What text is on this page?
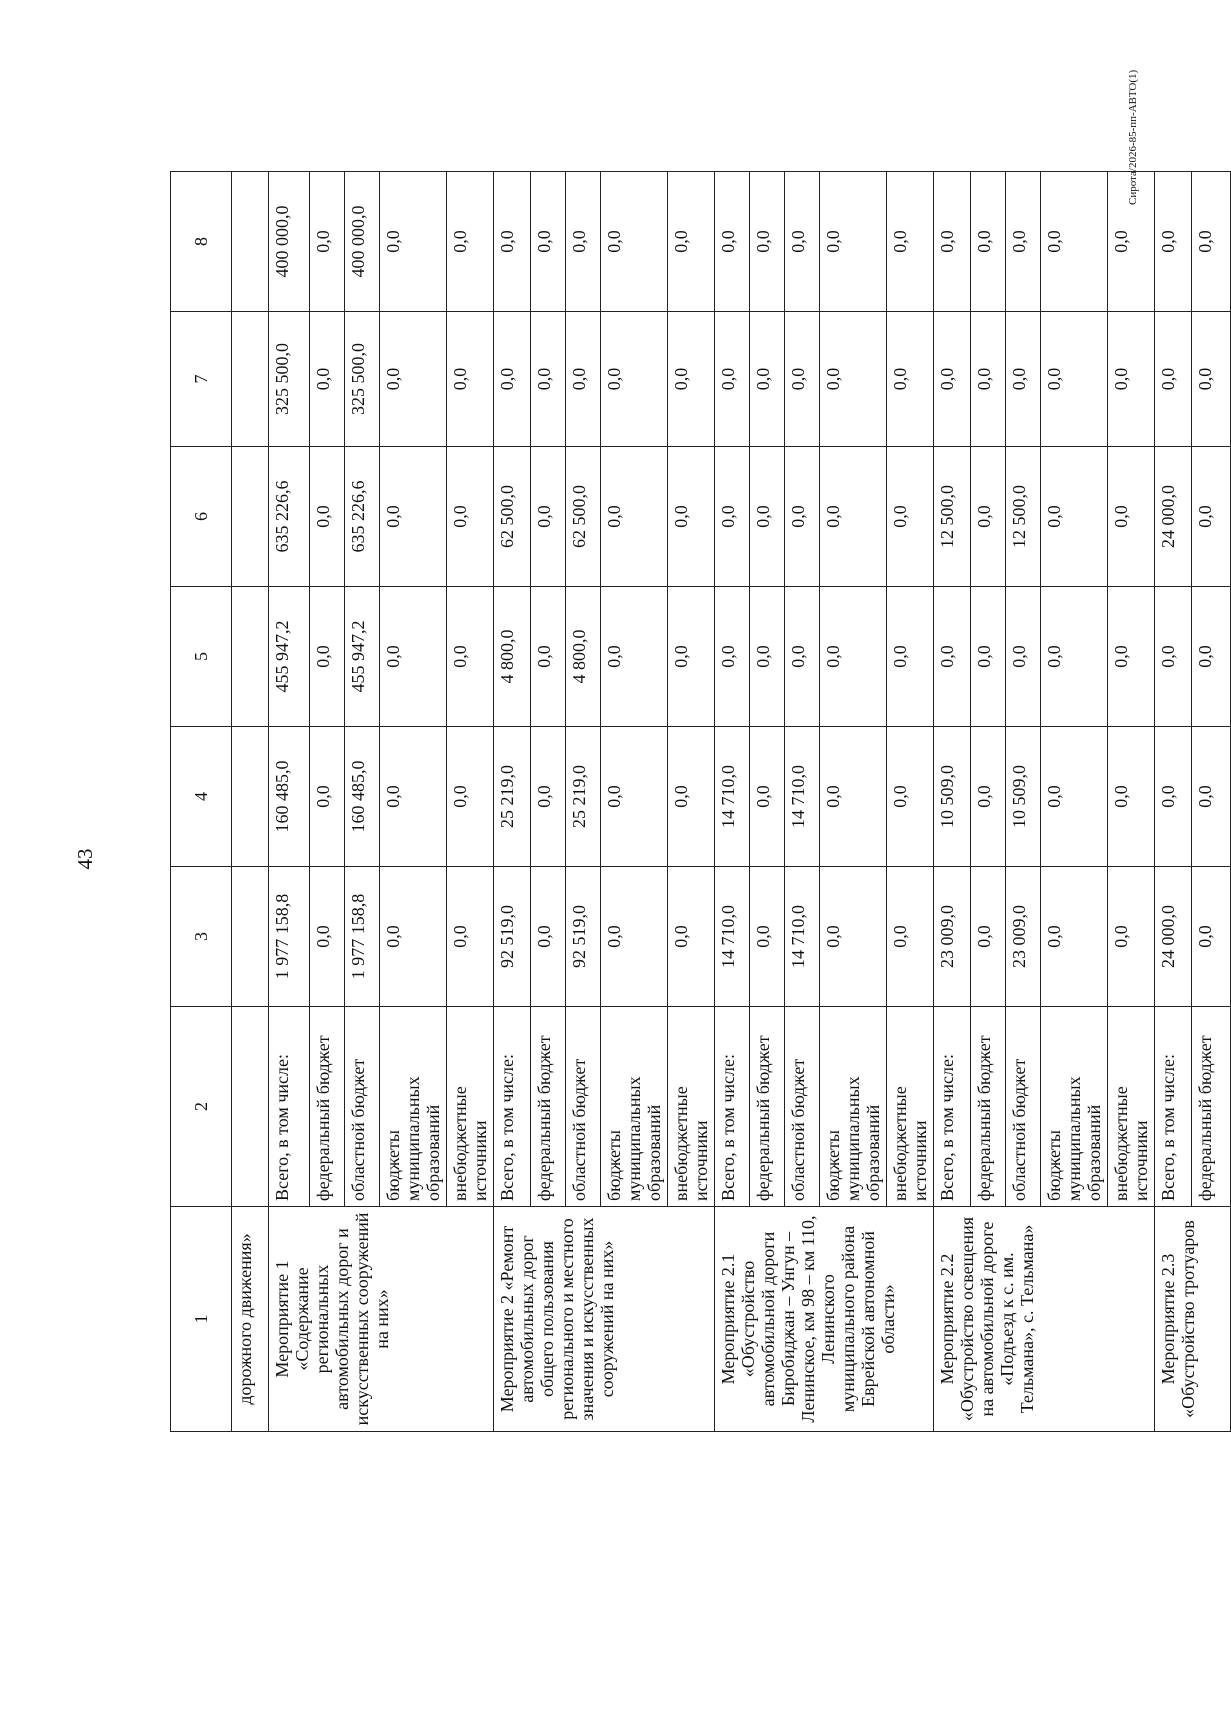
43
Сирота/2026-85-пп-АВТО(1)
1	2	3	4	5	6	7	8
дорожного движения»							
Мероприятие 1 «Содержание региональных автомобильных дорог и искусственных сооружений на них»	Всего, в том числе:	1 977 158,8	160 485,0	455 947,2	635 226,6	325 500,0	400 000,0
	федеральный бюджет	0,0	0,0	0,0	0,0	0,0	0,0
	областной бюджет	1 977 158,8	160 485,0	455 947,2	635 226,6	325 500,0	400 000,0
	бюджеты муниципальных образований	0,0	0,0	0,0	0,0	0,0	0,0
	внебюджетные источники	0,0	0,0	0,0	0,0	0,0	0,0
Мероприятие 2 «Ремонт автомобильных дорог общего пользования регионального и местного значения и искусственных сооружений на них»	Всего, в том числе:	92 519,0	25 219,0	4 800,0	62 500,0	0,0	0,0
	федеральный бюджет	0,0	0,0	0,0	0,0	0,0	0,0
	областной бюджет	92 519,0	25 219,0	4 800,0	62 500,0	0,0	0,0
	бюджеты муниципальных образований	0,0	0,0	0,0	0,0	0,0	0,0
	внебюджетные источники	0,0	0,0	0,0	0,0	0,0	0,0
Мероприятие 2.1 «Обустройство автомобильной дороги Биробиджан – Унгун – Ленинское, км 98 – км 110, Ленинского муниципального района Еврейской автономной области»	Всего, в том числе:	14 710,0	14 710,0	0,0	0,0	0,0	0,0
	федеральный бюджет	0,0	0,0	0,0	0,0	0,0	0,0
	областной бюджет	14 710,0	14 710,0	0,0	0,0	0,0	0,0
	бюджеты муниципальных образований	0,0	0,0	0,0	0,0	0,0	0,0
	внебюджетные источники	0,0	0,0	0,0	0,0	0,0	0,0
Мероприятие 2.2 «Обустройство освещения на автомобильной дороге «Подъезд к с. им. Тельмана», с. Тельмана»	Всего, в том числе:	23 009,0	10 509,0	0,0	12 500,0	0,0	0,0
	федеральный бюджет	0,0	0,0	0,0	0,0	0,0	0,0
	областной бюджет	23 009,0	10 509,0	0,0	12 500,0	0,0	0,0
	бюджеты муниципальных образований	0,0	0,0	0,0	0,0	0,0	0,0
	внебюджетные источники	0,0	0,0	0,0	0,0	0,0	0,0
Мероприятие 2.3 «Обустройство тротуаров	Всего, в том числе:	24 000,0	0,0	0,0	24 000,0	0,0	0,0
	федеральный бюджет	0,0	0,0	0,0	0,0	0,0	0,0
